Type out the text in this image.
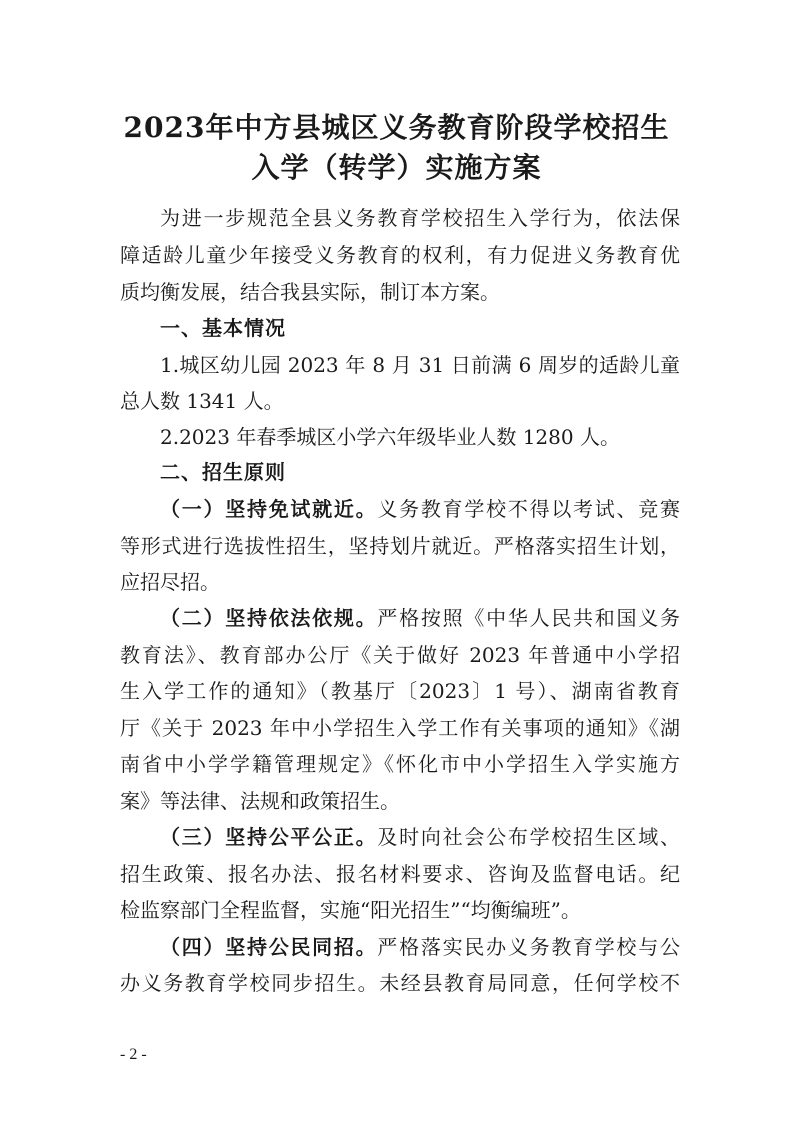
2023年中方县城区义务教育阶段学校招生
入学（转学）实施方案
为进一步规范全县义务教育学校招生入学行为，依法保
障适龄儿童少年接受义务教育的权利，有力促进义务教育优
质均衡发展，结合我县实际，制订本方案。
一、基本情况
1.城区幼儿园 2023 年 8 月 31 日前满 6 周岁的适龄儿童
总人数 1341 人。
2.2023 年春季城区小学六年级毕业人数 1280 人。
二、招生原则
（一）坚持免试就近。义务教育学校不得以考试、竞赛
等形式进行选拔性招生，坚持划片就近。严格落实招生计划，
应招尽招。
（二）坚持依法依规。严格按照《中华人民共和国义务
教育法》、教育部办公厅《关于做好 2023 年普通中小学招
生入学工作的通知》（教基厅〔2023〕1 号）、湖南省教育
厅《关于 2023 年中小学招生入学工作有关事项的通知》《湖
南省中小学学籍管理规定》《怀化市中小学招生入学实施方
案》等法律、法规和政策招生。
（三）坚持公平公正。及时向社会公布学校招生区域、
招生政策、报名办法、报名材料要求、咨询及监督电话。纪
检监察部门全程监督，实施“阳光招生”“均衡编班”。
（四）坚持公民同招。严格落实民办义务教育学校与公
办义务教育学校同步招生。未经县教育局同意，任何学校不
- 2 -
